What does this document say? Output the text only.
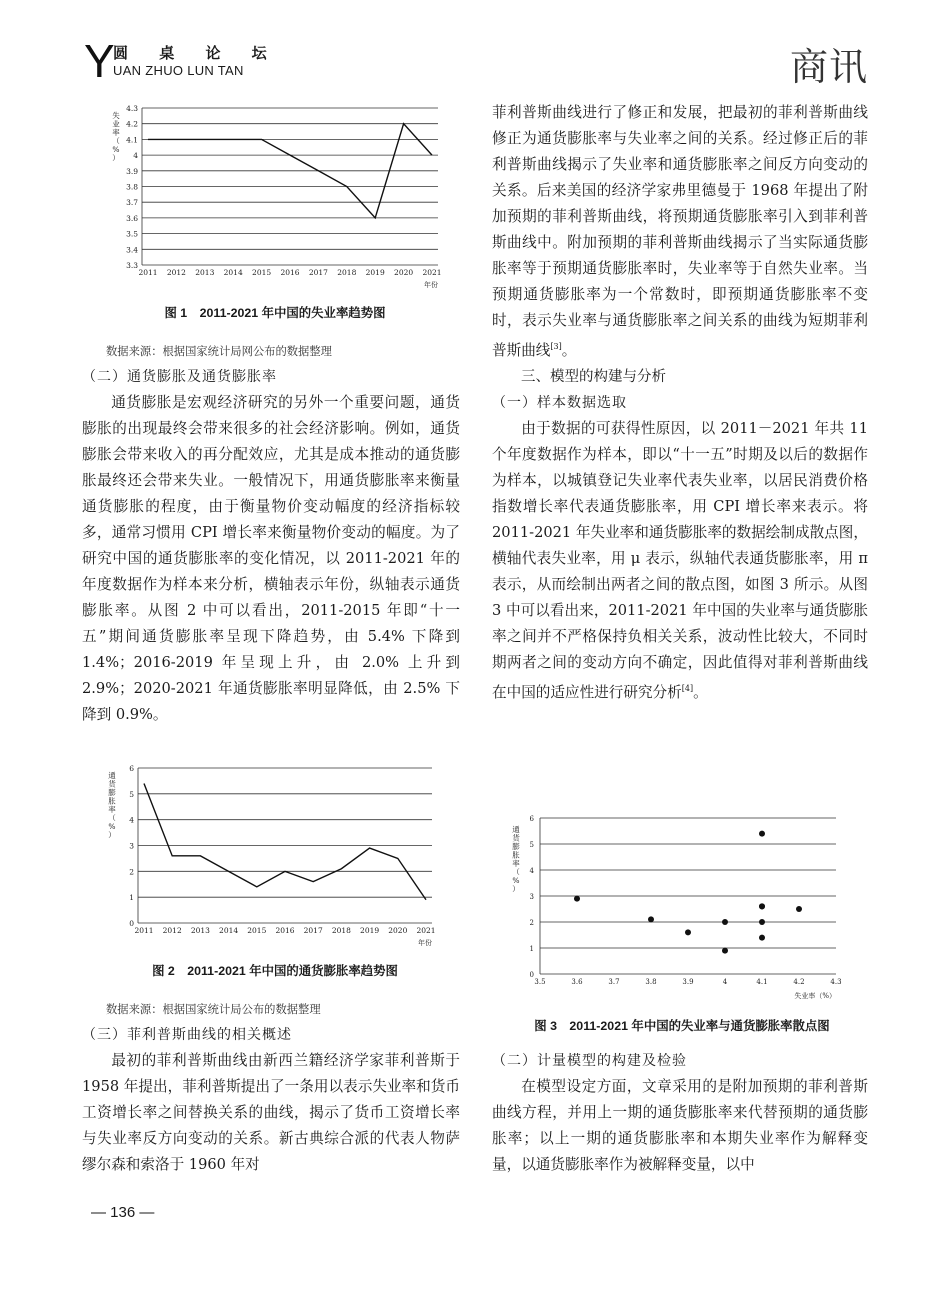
Y
圆 桌 论 坛
UAN ZHUO LUN TAN	商讯
3.3
3.4
3.5
3.6
3.7
3.8
3.9
4
4.1
4.2
4.3
2011 2012 2013 2014 2015 2016 2017 2018 2019 2020 2021
年份
失业率（%）
图 1　2011-2021 年中国的失业率趋势图
数据来源：根据国家统计局网公布的数据整理

（二）通货膨胀及通货膨胀率

通货膨胀是宏观经济研究的另外一个重要问题，通货膨胀的出现最终会带来很多的社会经济影响。例如，通货膨胀会带来收入的再分配效应，尤其是成本推动的通货膨胀最终还会带来失业。一般情况下，用通货膨胀率来衡量通货膨胀的程度，由于衡量物价变动幅度的经济指标较多，通常习惯用 CPI 增长率来衡量物价变动的幅度。为了研究中国的通货膨胀率的变化情况，以 2011-2021 年的年度数据作为样本来分析，横轴表示年份，纵轴表示通货膨胀率。从图 2 中可以看出，2011-2015 年即“十一五”期间通货膨胀率呈现下降趋势，由 5.4% 下降到 1.4%；2016-2019 年呈现上升，由 2.0% 上升到 2.9%；2020-2021 年通货膨胀率明显降低，由 2.5% 下降到 0.9%。

0
1
2
3
4
5
6
2011 2012 2013 2014 2015 2016 2017 2018 2019 2020 2021
年份
通货膨胀率（%）
图 2　2011-2021 年中国的通货膨胀率趋势图
数据来源：根据国家统计局公布的数据整理

（三）菲利普斯曲线的相关概述

最初的菲利普斯曲线由新西兰籍经济学家菲利普斯于 1958 年提出，菲利普斯提出了一条用以表示失业率和货币工资增长率之间替换关系的曲线，揭示了货币工资增长率与失业率反方向变动的关系。新古典综合派的代表人物萨缪尔森和索洛于 1960 年对

菲利普斯曲线进行了修正和发展，把最初的菲利普斯曲线修正为通货膨胀率与失业率之间的关系。经过修正后的菲利普斯曲线揭示了失业率和通货膨胀率之间反方向变动的关系。后来美国的经济学家弗里德曼于 1968 年提出了附加预期的菲利普斯曲线，将预期通货膨胀率引入到菲利普斯曲线中。附加预期的菲利普斯曲线揭示了当实际通货膨胀率等于预期通货膨胀率时，失业率等于自然失业率。当预期通货膨胀率为一个常数时，即预期通货膨胀率不变时，表示失业率与通货膨胀率之间关系的曲线为短期菲利普斯曲线[3]。

三、模型的构建与分析

（一）样本数据选取

由于数据的可获得性原因，以 2011－2021 年共 11 个年度数据作为样本，即以“十一五”时期及以后的数据作为样本，以城镇登记失业率代表失业率，以居民消费价格指数增长率代表通货膨胀率，用 CPI 增长率来表示。将 2011-2021 年失业率和通货膨胀率的数据绘制成散点图，横轴代表失业率，用 μ 表示，纵轴代表通货膨胀率，用 π 表示，从而绘制出两者之间的散点图，如图 3 所示。从图 3 中可以看出来，2011-2021 年中国的失业率与通货膨胀率之间并不严格保持负相关关系，波动性比较大，不同时期两者之间的变动方向不确定，因此值得对菲利普斯曲线在中国的适应性进行研究分析[4]。

0
1
2
3
4
5
6
3.5	3.6	3.7	3.8	3.9	4	4.1	4.2	4.3
失业率（%）
通货膨胀率（%）
图 3　2011-2021 年中国的失业率与通货膨胀率散点图

（二）计量模型的构建及检验

在模型设定方面，文章采用的是附加预期的菲利普斯曲线方程，并用上一期的通货膨胀率来代替预期的通货膨胀率；以上一期的通货膨胀率和本期失业率作为解释变量，以通货膨胀率作为被解释变量，以中

— 136 —
